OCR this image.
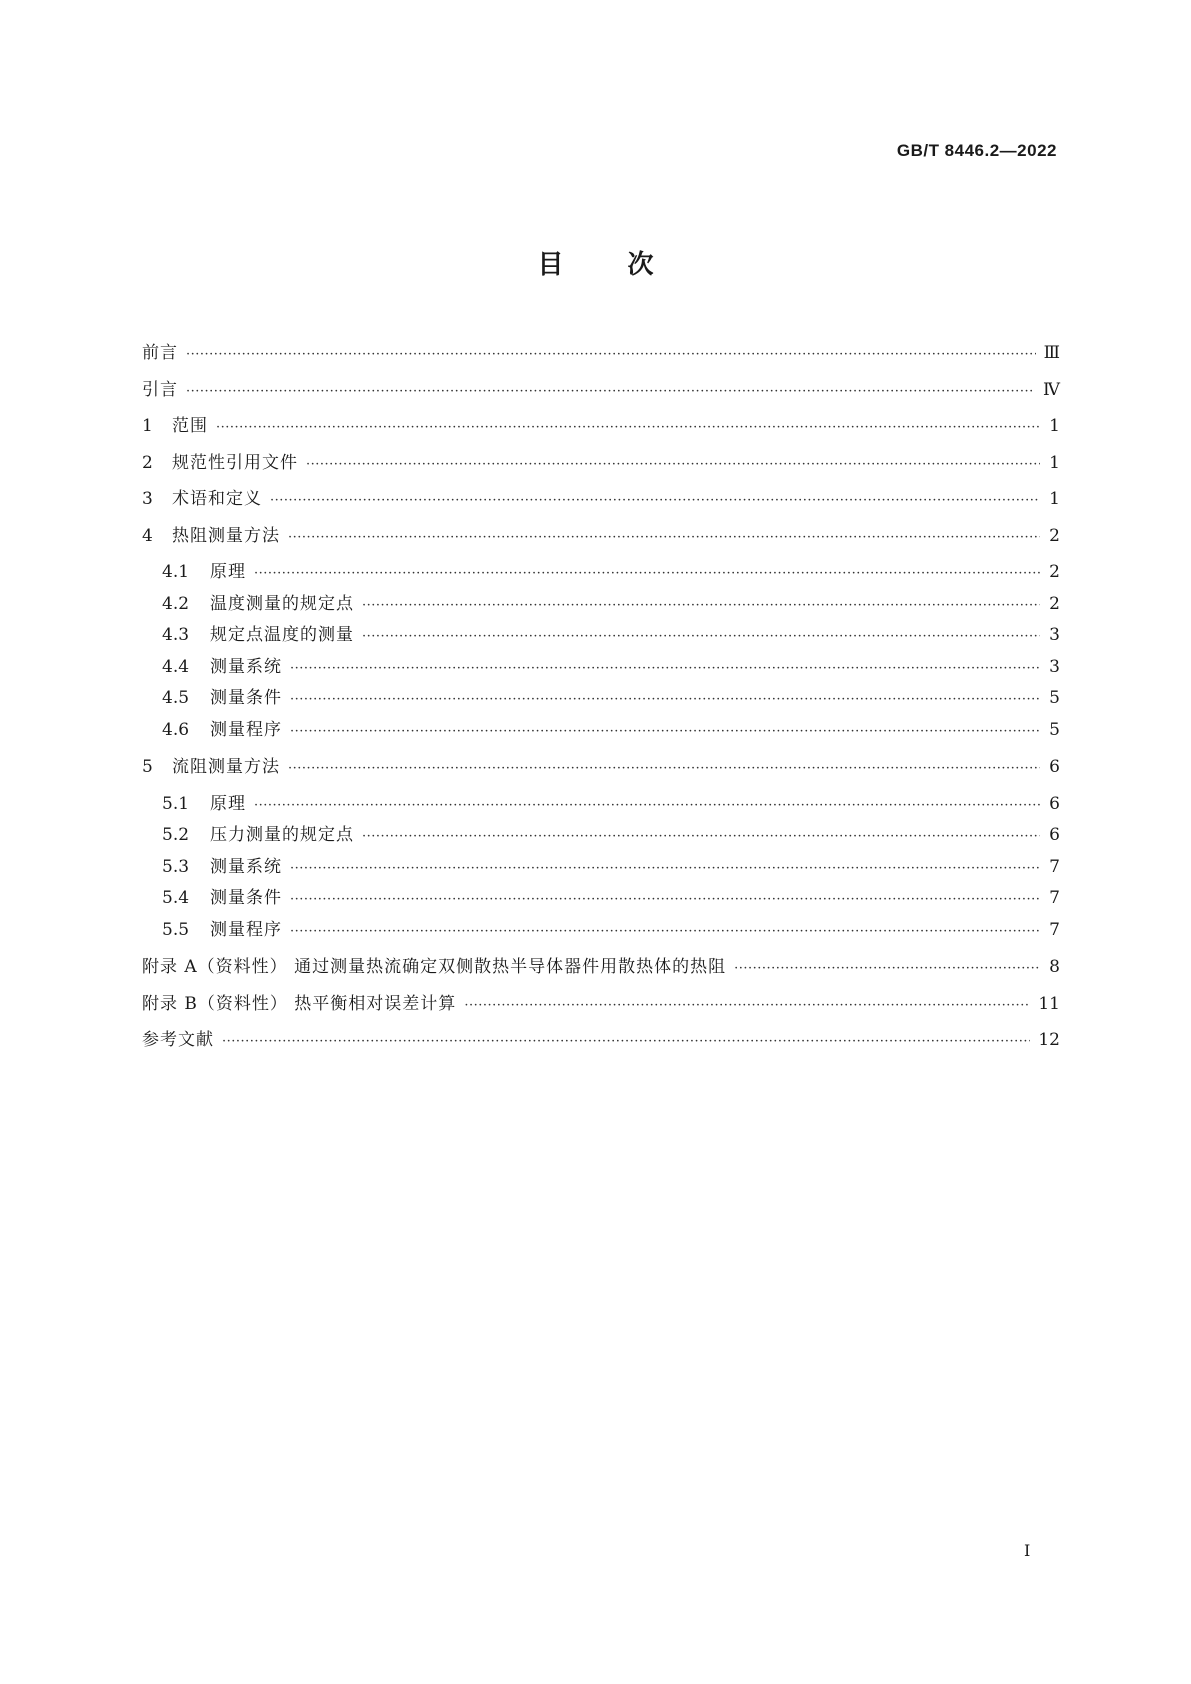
GB/T 8446.2—2022
目次
前言 ·····	Ⅲ
引言 ·····	Ⅳ
1	范围 ·····	1
2	规范性引用文件 ·····	1
3	术语和定义 ·····	1
4	热阻测量方法 ·····	2
4.1	原理 ·····	2
4.2	温度测量的规定点 ·····	2
4.3	规定点温度的测量 ·····	3
4.4	测量系统 ·····	3
4.5	测量条件 ·····	5
4.6	测量程序 ·····	5
5	流阻测量方法 ·····	6
5.1	原理 ·····	6
5.2	压力测量的规定点 ·····	6
5.3	测量系统 ·····	7
5.4	测量条件 ·····	7
5.5	测量程序 ·····	7
附录 A（资料性） 通过测量热流确定双侧散热半导体器件用散热体的热阻 ·····	8
附录 B（资料性） 热平衡相对误差计算 ·····	11
参考文献 ·····	12
Ⅰ
